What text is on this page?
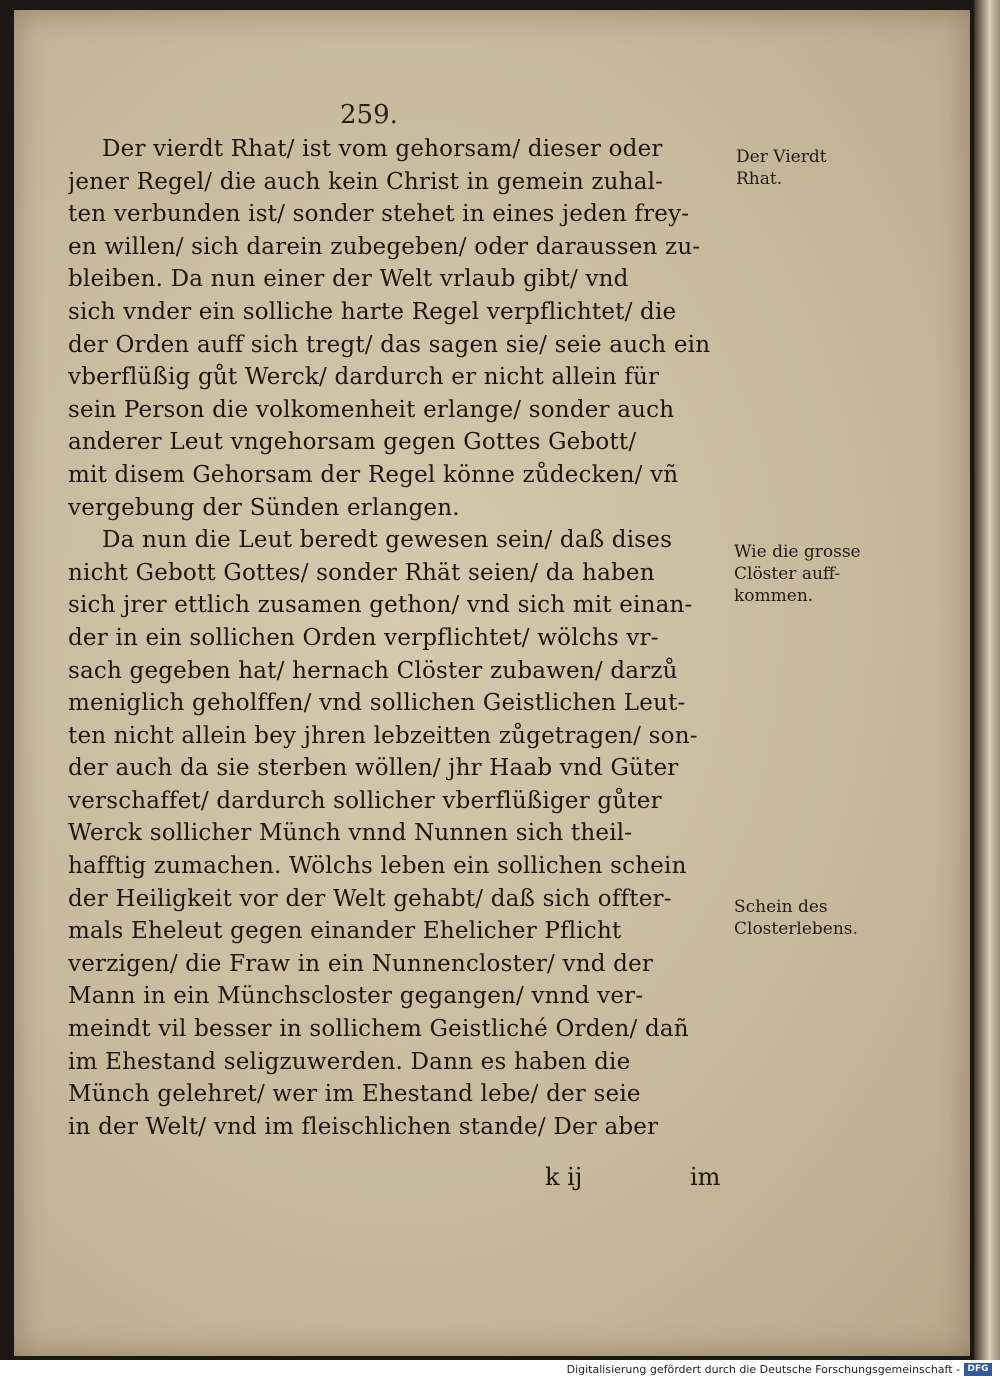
259.
Der vierdt Rhat/ ist vom gehorsam/ dieser oder
jener Regel/ die auch kein Christ in gemein zuhal-
ten verbunden ist/ sonder stehet in eines jeden frey-
en willen/ sich darein zubegeben/ oder daraussen zu-
bleiben. Da nun einer der Welt vrlaub gibt/ vnd
sich vnder ein solliche harte Regel verpflichtet/ die
der Orden auff sich tregt/ das sagen sie/ seie auch ein
vberflüßig gůt Werck/ dardurch er nicht allein für
sein Person die volkomenheit erlange/ sonder auch
anderer Leut vngehorsam gegen Gottes Gebott/
mit disem Gehorsam der Regel könne zůdecken/ vñ
vergebung der Sünden erlangen.
Da nun die Leut beredt gewesen sein/ daß dises
nicht Gebott Gottes/ sonder Rhät seien/ da haben
sich jrer ettlich zusamen gethon/ vnd sich mit einan-
der in ein sollichen Orden verpflichtet/ wölchs vr-
sach gegeben hat/ hernach Clöster zubawen/ darzů
meniglich geholffen/ vnd sollichen Geistlichen Leut-
ten nicht allein bey jhren lebzeitten zůgetragen/ son-
der auch da sie sterben wöllen/ jhr Haab vnd Güter
verschaffet/ dardurch sollicher vberflüßiger gůter
Werck sollicher Münch vnnd Nunnen sich theil-
hafftig zumachen. Wölchs leben ein sollichen schein
der Heiligkeit vor der Welt gehabt/ daß sich offter-
mals Eheleut gegen einander Ehelicher Pflicht
verzigen/ die Fraw in ein Nunnencloster/ vnd der
Mann in ein Münchscloster gegangen/ vnnd ver-
meindt vil besser in sollichem Geistliché Orden/ dañ
im Ehestand seligzuwerden. Dann es haben die
Münch gelehret/ wer im Ehestand lebe/ der seie
in der Welt/ vnd im fleischlichen stande/ Der aber
k ij	im
Der Vierdt
Rhat.
Wie die grosse
Clöster auff-
kommen.
Schein des
Closterlebens.
Digitalisierung gefördert durch die Deutsche Forschungsgemeinschaft - DFG
